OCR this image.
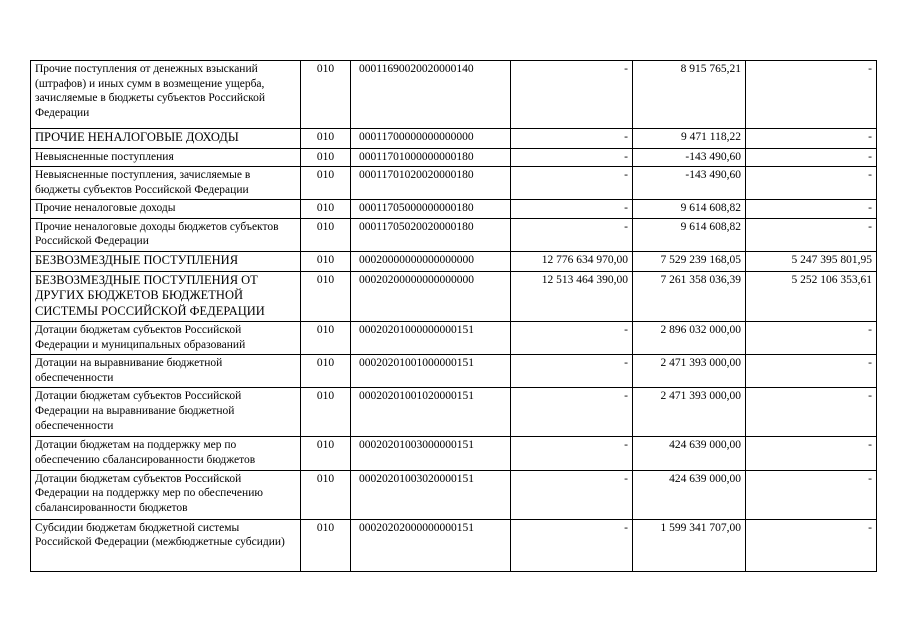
Прочие поступления от денежных взысканий (штрафов) и иных сумм в возмещение ущерба, зачисляемые в бюджеты субъектов Российской Федерации	010	00011690020020000140	-	8 915 765,21	-
ПРОЧИЕ НЕНАЛОГОВЫЕ ДОХОДЫ	010	00011700000000000000	-	9 471 118,22	-
Невыясненные поступления	010	00011701000000000180	-	-143 490,60	-
Невыясненные поступления, зачисляемые в бюджеты субъектов Российской Федерации	010	00011701020020000180	-	-143 490,60	-
Прочие неналоговые доходы	010	00011705000000000180	-	9 614 608,82	-
Прочие неналоговые доходы бюджетов субъектов Российской Федерации	010	00011705020020000180	-	9 614 608,82	-
БЕЗВОЗМЕЗДНЫЕ ПОСТУПЛЕНИЯ	010	00020000000000000000	12 776 634 970,00	7 529 239 168,05	5 247 395 801,95
БЕЗВОЗМЕЗДНЫЕ ПОСТУПЛЕНИЯ ОТ ДРУГИХ БЮДЖЕТОВ БЮДЖЕТНОЙ СИСТЕМЫ РОССИЙСКОЙ ФЕДЕРАЦИИ	010	00020200000000000000	12 513 464 390,00	7 261 358 036,39	5 252 106 353,61
Дотации бюджетам субъектов Российской Федерации и муниципальных образований	010	00020201000000000151	-	2 896 032 000,00	-
Дотации на выравнивание бюджетной обеспеченности	010	00020201001000000151	-	2 471 393 000,00	-
Дотации бюджетам субъектов Российской Федерации на выравнивание бюджетной обеспеченности	010	00020201001020000151	-	2 471 393 000,00	-
Дотации бюджетам на поддержку мер по обеспечению сбалансированности бюджетов	010	00020201003000000151	-	424 639 000,00	-
Дотации бюджетам субъектов Российской Федерации на поддержку мер по обеспечению сбалансированности бюджетов	010	00020201003020000151	-	424 639 000,00	-
Субсидии бюджетам бюджетной системы Российской Федерации (межбюджетные субсидии)	010	00020202000000000151	-	1 599 341 707,00	-
